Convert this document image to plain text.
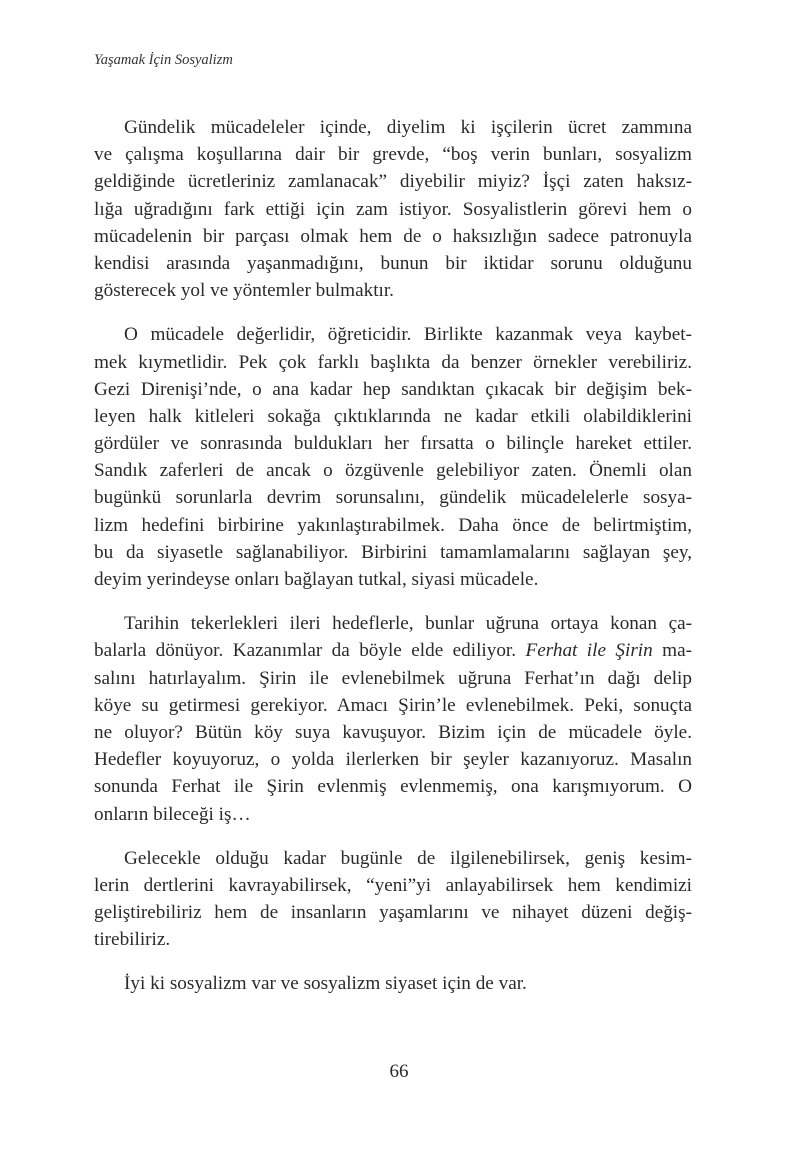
Yaşamak İçin Sosyalizm
Gündelik mücadeleler içinde, diyelim ki işçilerin ücret zammına
ve çalışma koşullarına dair bir grevde, “boş verin bunları, sosyalizm
geldiğinde ücretleriniz zamlanacak” diyebilir miyiz? İşçi zaten haksız-
lığa uğradığını fark ettiği için zam istiyor. Sosyalistlerin görevi hem o
mücadelenin bir parçası olmak hem de o haksızlığın sadece patronuyla
kendisi arasında yaşanmadığını, bunun bir iktidar sorunu olduğunu
gösterecek yol ve yöntemler bulmaktır.
O mücadele değerlidir, öğreticidir. Birlikte kazanmak veya kaybet-
mek kıymetlidir. Pek çok farklı başlıkta da benzer örnekler verebiliriz.
Gezi Direnişi’nde, o ana kadar hep sandıktan çıkacak bir değişim bek-
leyen halk kitleleri sokağa çıktıklarında ne kadar etkili olabildiklerini
gördüler ve sonrasında buldukları her fırsatta o bilinçle hareket ettiler.
Sandık zaferleri de ancak o özgüvenle gelebiliyor zaten. Önemli olan
bugünkü sorunlarla devrim sorunsalını, gündelik mücadelelerle sosya-
lizm hedefini birbirine yakınlaştırabilmek. Daha önce de belirtmiştim,
bu da siyasetle sağlanabiliyor. Birbirini tamamlamalarını sağlayan şey,
deyim yerindeyse onları bağlayan tutkal, siyasi mücadele.
Tarihin tekerlekleri ileri hedeflerle, bunlar uğruna ortaya konan ça-
balarla dönüyor. Kazanımlar da böyle elde ediliyor. Ferhat ile Şirin ma-
salını hatırlayalım. Şirin ile evlenebilmek uğruna Ferhat’ın dağı delip
köye su getirmesi gerekiyor. Amacı Şirin’le evlenebilmek. Peki, sonuçta
ne oluyor? Bütün köy suya kavuşuyor. Bizim için de mücadele öyle.
Hedefler koyuyoruz, o yolda ilerlerken bir şeyler kazanıyoruz. Masalın
sonunda Ferhat ile Şirin evlenmiş evlenmemiş, ona karışmıyorum. O
onların bileceği iş…
Gelecekle olduğu kadar bugünle de ilgilenebilirsek, geniş kesim-
lerin dertlerini kavrayabilirsek, “yeni”yi anlayabilirsek hem kendimizi
geliştirebiliriz hem de insanların yaşamlarını ve nihayet düzeni değiş-
tirebiliriz.
İyi ki sosyalizm var ve sosyalizm siyaset için de var.
66
